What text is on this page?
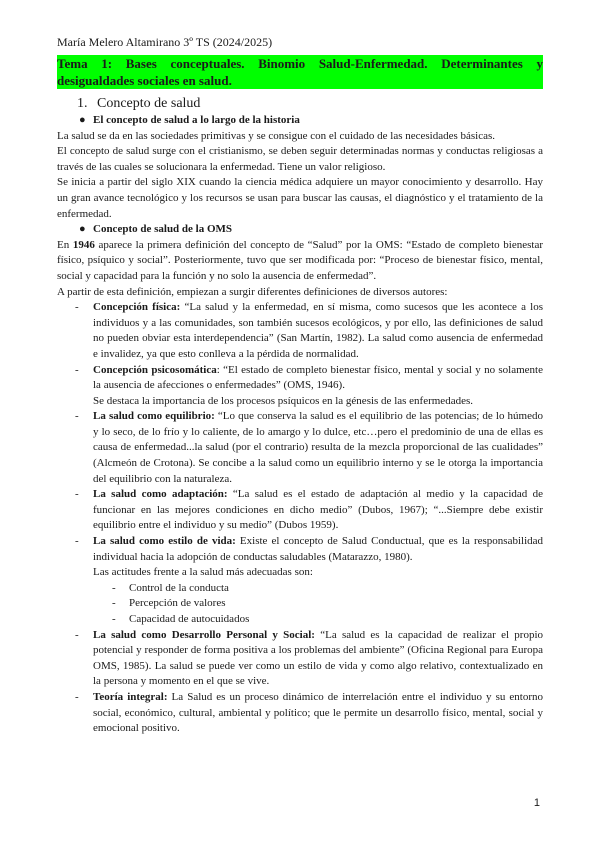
María Melero Altamirano 3º TS (2024/2025)
Tema 1: Bases conceptuales. Binomio Salud-Enfermedad. Determinantes y desigualdades sociales en salud.
1. Concepto de salud
● El concepto de salud a lo largo de la historia

La salud se da en las sociedades primitivas y se consigue con el cuidado de las necesidades básicas.

El concepto de salud surge con el cristianismo, se deben seguir determinadas normas y conductas religiosas a través de las cuales se solucionara la enfermedad. Tiene un valor religioso.

Se inicia a partir del siglo XIX cuando la ciencia médica adquiere un mayor conocimiento y desarrollo. Hay un gran avance tecnológico y los recursos se usan para buscar las causas, el diagnóstico y el tratamiento de la enfermedad.

● Concepto de salud de la OMS

En 1946 aparece la primera definición del concepto de “Salud” por la OMS: “Estado de completo bienestar físico, psíquico y social”. Posteriormente, tuvo que ser modificada por: “Proceso de bienestar físico, mental, social y capacidad para la función y no solo la ausencia de enfermedad”.

A partir de esta definición, empiezan a surgir diferentes definiciones de diversos autores:

- Concepción física: “La salud y la enfermedad, en sí misma, como sucesos que les acontece a los individuos y a las comunidades, son también sucesos ecológicos, y por ello, las definiciones de salud no pueden obviar esta interdependencia” (San Martín, 1982). La salud como ausencia de enfermedad e invalidez, ya que esto conlleva a la pérdida de normalidad.
- Concepción psicosomática: “El estado de completo bienestar físico, mental y social y no solamente la ausencia de afecciones o enfermedades” (OMS, 1946).
Se destaca la importancia de los procesos psíquicos en la génesis de las enfermedades.
- La salud como equilibrio: “Lo que conserva la salud es el equilibrio de las potencias; de lo húmedo y lo seco, de lo frío y lo caliente, de lo amargo y lo dulce, etc…pero el predominio de una de ellas es causa de enfermedad...la salud (por el contrario) resulta de la mezcla proporcional de las cualidades” (Alcmeón de Crotona). Se concibe a la salud como un equilibrio interno y se le otorga la importancia del equilibrio con la naturaleza.
- La salud como adaptación: “La salud es el estado de adaptación al medio y la capacidad de funcionar en las mejores condiciones en dicho medio” (Dubos, 1967); “...Siempre debe existir equilibrio entre el individuo y su medio” (Dubos 1959).
- La salud como estilo de vida: Existe el concepto de Salud Conductual, que es la responsabilidad individual hacia la adopción de conductas saludables (Matarazzo, 1980).
Las actitudes frente a la salud más adecuadas son:
- Control de la conducta
- Percepción de valores
- Capacidad de autocuidados
- La salud como Desarrollo Personal y Social: “La salud es la capacidad de realizar el propio potencial y responder de forma positiva a los problemas del ambiente” (Oficina Regional para Europa OMS, 1985). La salud se puede ver como un estilo de vida y como algo relativo, contextualizado en la persona y momento en el que se vive.
- Teoría integral: La Salud es un proceso dinámico de interrelación entre el individuo y su entorno social, económico, cultural, ambiental y político; que le permite un desarrollo físico, mental, social y emocional positivo.
1
